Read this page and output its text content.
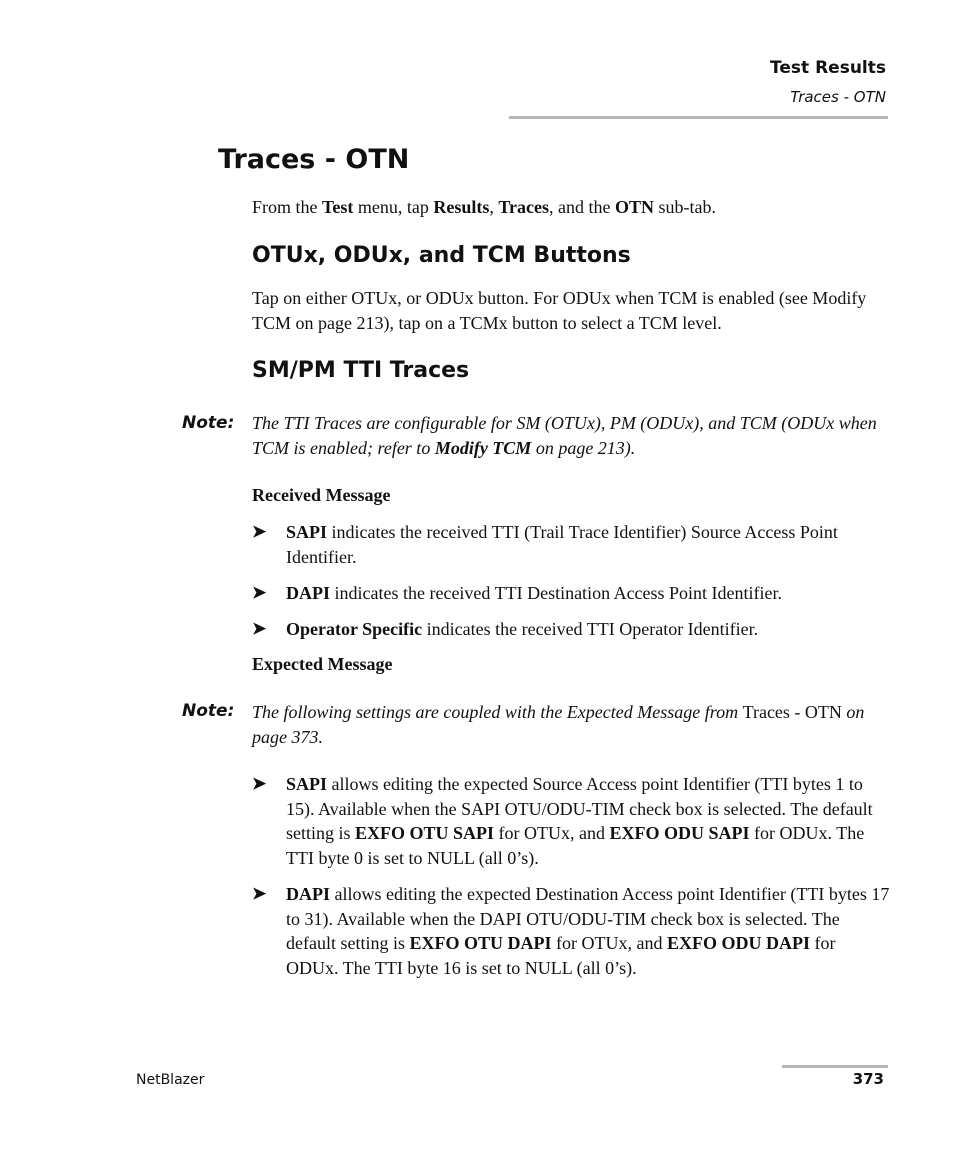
Test Results
Traces - OTN
Traces - OTN
From the Test menu, tap Results, Traces, and the OTN sub-tab.
OTUx, ODUx, and TCM Buttons
Tap on either OTUx, or ODUx button. For ODUx when TCM is enabled (see Modify TCM on page 213), tap on a TCMx button to select a TCM level.
SM/PM TTI Traces
Note: The TTI Traces are configurable for SM (OTUx), PM (ODUx), and TCM (ODUx when TCM is enabled; refer to Modify TCM on page 213).
Received Message
➤ SAPI indicates the received TTI (Trail Trace Identifier) Source Access Point Identifier.
➤ DAPI indicates the received TTI Destination Access Point Identifier.
➤ Operator Specific indicates the received TTI Operator Identifier.
Expected Message
Note: The following settings are coupled with the Expected Message from Traces - OTN on page 373.
➤ SAPI allows editing the expected Source Access point Identifier (TTI bytes 1 to 15). Available when the SAPI OTU/ODU-TIM check box is selected. The default setting is EXFO OTU SAPI for OTUx, and EXFO ODU SAPI for ODUx. The TTI byte 0 is set to NULL (all 0’s).
➤ DAPI allows editing the expected Destination Access point Identifier (TTI bytes 17 to 31). Available when the DAPI OTU/ODU-TIM check box is selected. The default setting is EXFO OTU DAPI for OTUx, and EXFO ODU DAPI for ODUx. The TTI byte 16 is set to NULL (all 0’s).
NetBlazer	373
